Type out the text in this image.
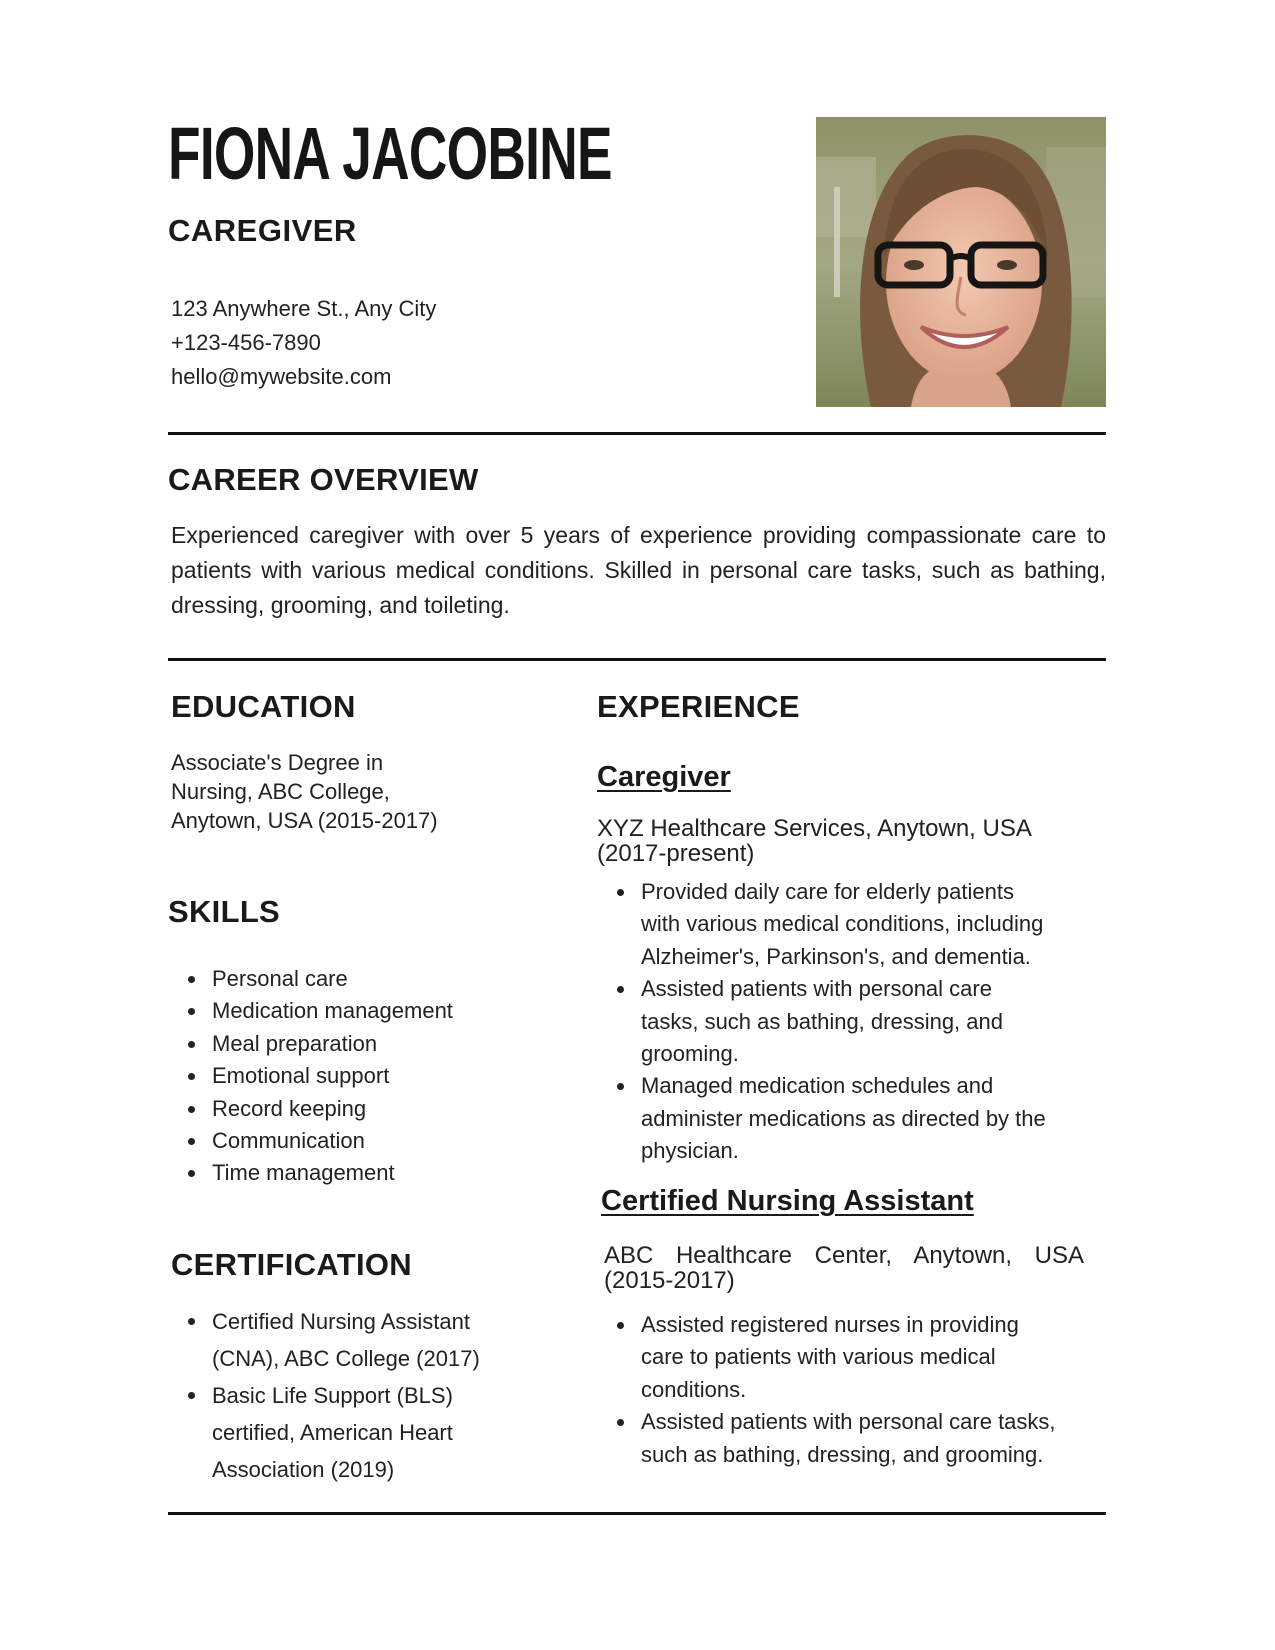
FIONA JACOBINE
CAREGIVER
123 Anywhere St., Any City
+123-456-7890
hello@mywebsite.com
CAREER OVERVIEW
Experienced caregiver with over 5 years of experience providing compassionate care to patients with various medical conditions. Skilled in personal care tasks, such as bathing, dressing, grooming, and toileting.
EDUCATION
Associate's Degree in
Nursing, ABC College,
Anytown, USA (2015-2017)
SKILLS
Personal care
Medication management
Meal preparation
Emotional support
Record keeping
Communication
Time management
CERTIFICATION
Certified Nursing Assistant
(CNA), ABC College (2017)
Basic Life Support (BLS)
certified, American Heart
Association (2019)
EXPERIENCE
Caregiver
XYZ Healthcare Services, Anytown, USA
(2017-present)
Provided daily care for elderly patients
with various medical conditions, including
Alzheimer's, Parkinson's, and dementia.
Assisted patients with personal care
tasks, such as bathing, dressing, and
grooming.
Managed medication schedules and
administer medications as directed by the
physician.
Certified Nursing Assistant
ABC Healthcare Center, Anytown, USA
(2015-2017)
Assisted registered nurses in providing
care to patients with various medical
conditions.
Assisted patients with personal care tasks,
such as bathing, dressing, and grooming.
